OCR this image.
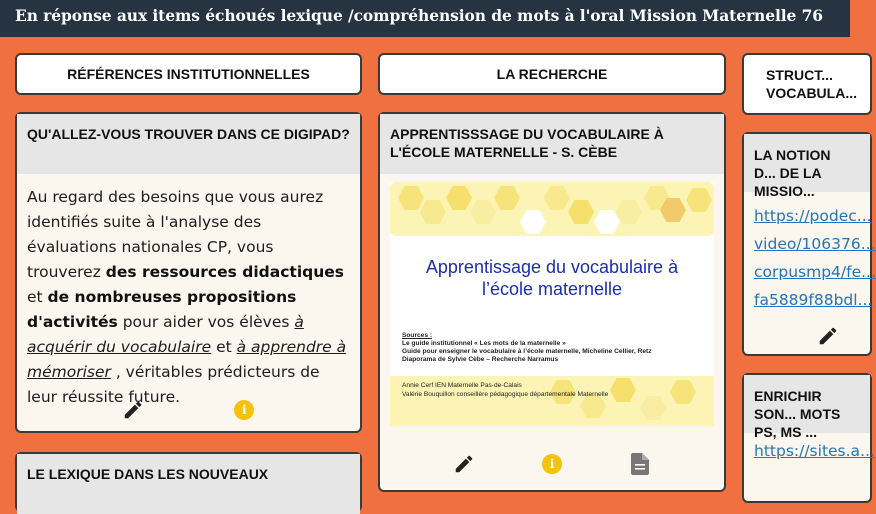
En réponse aux items échoués lexique /compréhension de mots à l'oral Mission Maternelle 76
RÉFÉRENCES INSTITUTIONNELLES	LA RECHERCHE	STRUCT... VOCABULA...
QU'ALLEZ-VOUS TROUVER DANS CE DIGIPAD?
Au regard des besoins que vous aurez identifiés suite à l'analyse des évaluations nationales CP, vous trouverez des ressources didactiques et de nombreuses propositions d'activités pour aider vos élèves à acquérir du vocabulaire et à apprendre à mémoriser , véritables prédicteurs de leur réussite future.
i
LE LEXIQUE DANS LES NOUVEAUX
APPRENTISSSAGE DU VOCABULAIRE À L'ÉCOLE MATERNELLE - S. CÈBE
Apprentissage du vocabulaire à
l’école maternelle
Sources :
Le guide institutionnel « Les mots de la maternelle »
Guide pour enseigner le vocabulaire à l’école maternelle, Micheline Cellier, Retz
Diaporama de Sylvie Cèbe – Recherche Narramus
Annie Cerf IEN Maternelle Pas-de-Calais
Valérie Bouquillon conseillère pédagogique départementale Maternelle
i
LA NOTION D... DE LA MISSIO...
https://podec...
video/106376...
corpusmp4/fe...
fa5889f88bdl...
ENRICHIR SON... MOTS PS, MS ...
https://sites.a...
